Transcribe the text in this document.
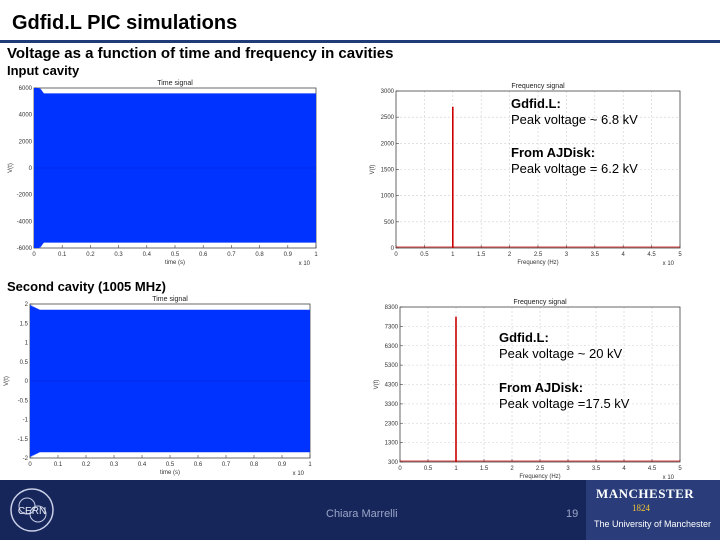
Gdfid.L PIC simulations
Voltage as a function of time and frequency in cavities
Input cavity
Second cavity (1005 MHz)
Time signal
0	0.1	0.2	0.3	0.4	0.5	0.6	0.7	0.8	0.9	1
6000
4000
2000
0
-2000
-4000
-6000
time (s)
V(t)
x 10
Frequency signal
0	0.5	1	1.5	2	2.5	3	3.5	4	4.5	5
3000
2500
2000
1500
1000
500
0
Frequency (Hz)
V(f)
x 10
Time signal
0	0.1	0.2	0.3	0.4	0.5	0.6	0.7	0.8	0.9	1
2
1.5
1
0.5
0
-0.5
-1
-1.5
-2
time (s)
V(t)
x 10
Frequency signal
0	0.5	1	1.5	2	2.5	3	3.5	4	4.5	5
8300
7300
6300
5300
4300
3300
2300
1300
300
Frequency (Hz)
V(f)
x 10
Gdfid.L:
Peak voltage ~ 6.8 kV
From AJDisk:
Peak voltage = 6.2 kV
Gdfid.L:
Peak voltage ~ 20 kV
From AJDisk:
Peak voltage =17.5 kV
CERN	Chiara Marrelli	19
MANCHESTER
1824
The University of Manchester
